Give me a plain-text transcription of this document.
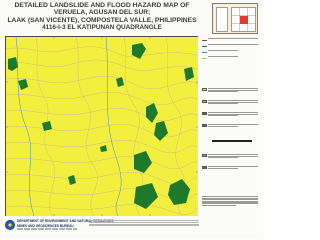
DETAILED LANDSLIDE AND FLOOD HAZARD MAP OF
VERUELA, AGUSAN DEL SUR;
LAAK (SAN VICENTE), COMPOSTELA VALLE, PHILIPPINES
4116-I-3 EL KATIPUNAN QUADRANGLE
DEPARTMENT OF ENVIRONMENT AND NATURAL RESOURCES
MINES AND GEOSCIENCES BUREAU
